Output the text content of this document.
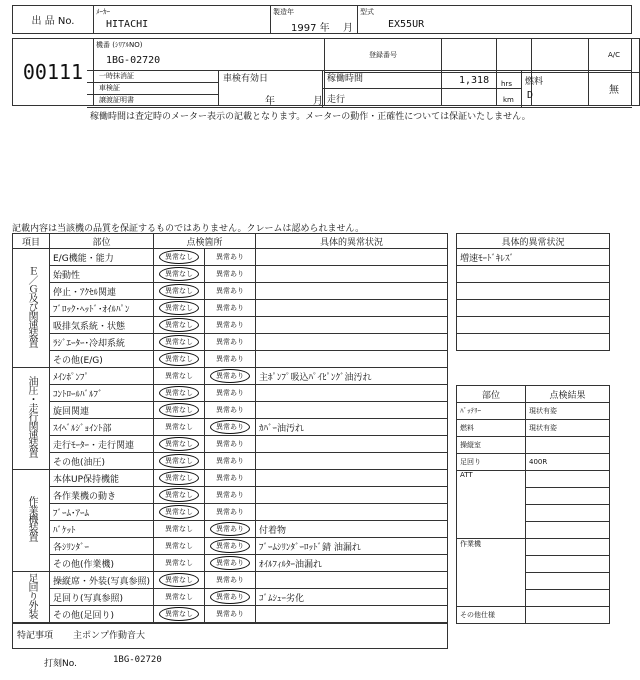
出 品 No.	
ﾒｰｶｰ
HITACHI

製造年
1997 年 月

型式
EX55UR
00111	機番 (ｼﾘｱﾙNO)
1BG-02720	登録番号				A/C
						無
一時抹消証
車検証
譲渡証明書
車検有効日
年	月
稼働時間	1,318 hrs
走行	km
燃料
D
稼働時間は査定時のメーター表示の記載となります。メーターの動作・正確性については保証いたしません。
記載内容は当該機の品質を保証するものではありません。クレームは認められません。
項目	部位	点検箇所		具体的異常状況
Ｅ／Ｇ及び関連装置	E/G機能・能力	異常なし	異常あり	
	始動性	異常なし	異常あり	
	停止・ｱｸｾﾙ関連	異常なし	異常あり	
	ﾌﾞﾛｯｸ･ﾍｯﾄﾞ･ｵｲﾙﾊﾟﾝ	異常なし	異常あり	
	吸排気系統・状態	異常なし	異常あり	
	ﾗｼﾞｴｰﾀｰ･冷却系統	異常なし	異常あり	
	その他(E/G)	異常なし	異常あり	
油圧・走行関連装置	ﾒｲﾝﾎﾟﾝﾌﾟ	異常なし	異常あり	主ﾎﾟﾝﾌﾟ吸込ﾊﾟｲﾋﾟﾝｸﾞ油汚れ
	ｺﾝﾄﾛｰﾙﾊﾞﾙﾌﾞ	異常なし	異常あり	
	旋回関連	異常なし	異常あり	
	ｽｲﾍﾞﾙｼﾞｮｲﾝﾄ部	異常なし	異常あり	ｶﾊﾞｰ油汚れ
	走行ﾓｰﾀｰ・走行関連	異常なし	異常あり	
	その他(油圧)	異常なし	異常あり	
作業機装置	本体UP保持機能	異常なし	異常あり	
	各作業機の動き	異常なし	異常あり	
	ﾌﾞｰﾑ･ｱｰﾑ	異常なし	異常あり	
	ﾊﾞｹｯﾄ	異常なし	異常あり	付着物
	各ｼﾘﾝﾀﾞｰ	異常なし	異常あり	ﾌﾞｰﾑｼﾘﾝﾀﾞｰﾛｯﾄﾞ錆 油漏れ
	その他(作業機)	異常なし	異常あり	ｵｲﾙﾌｨﾙﾀｰ油漏れ
足回り外装	操縦席・外装(写真参照)	異常なし	異常あり	
	足回り(写真参照)	異常なし	異常あり	ｺﾞﾑｼｭｰ劣化
	その他(足回り)	異常なし	異常あり	
特記事項 主ポンプ作動音大
打刻No.	1BG-02720
具体的異常状況
増速ﾓｰﾄﾞｷﾚｽﾞ

部位	点検結果
ﾊﾞｯﾃﾘｰ	現状有姿
燃料	現状有姿
操縦室	
足回り	400R
ATT	

作業機	

その他仕様	
